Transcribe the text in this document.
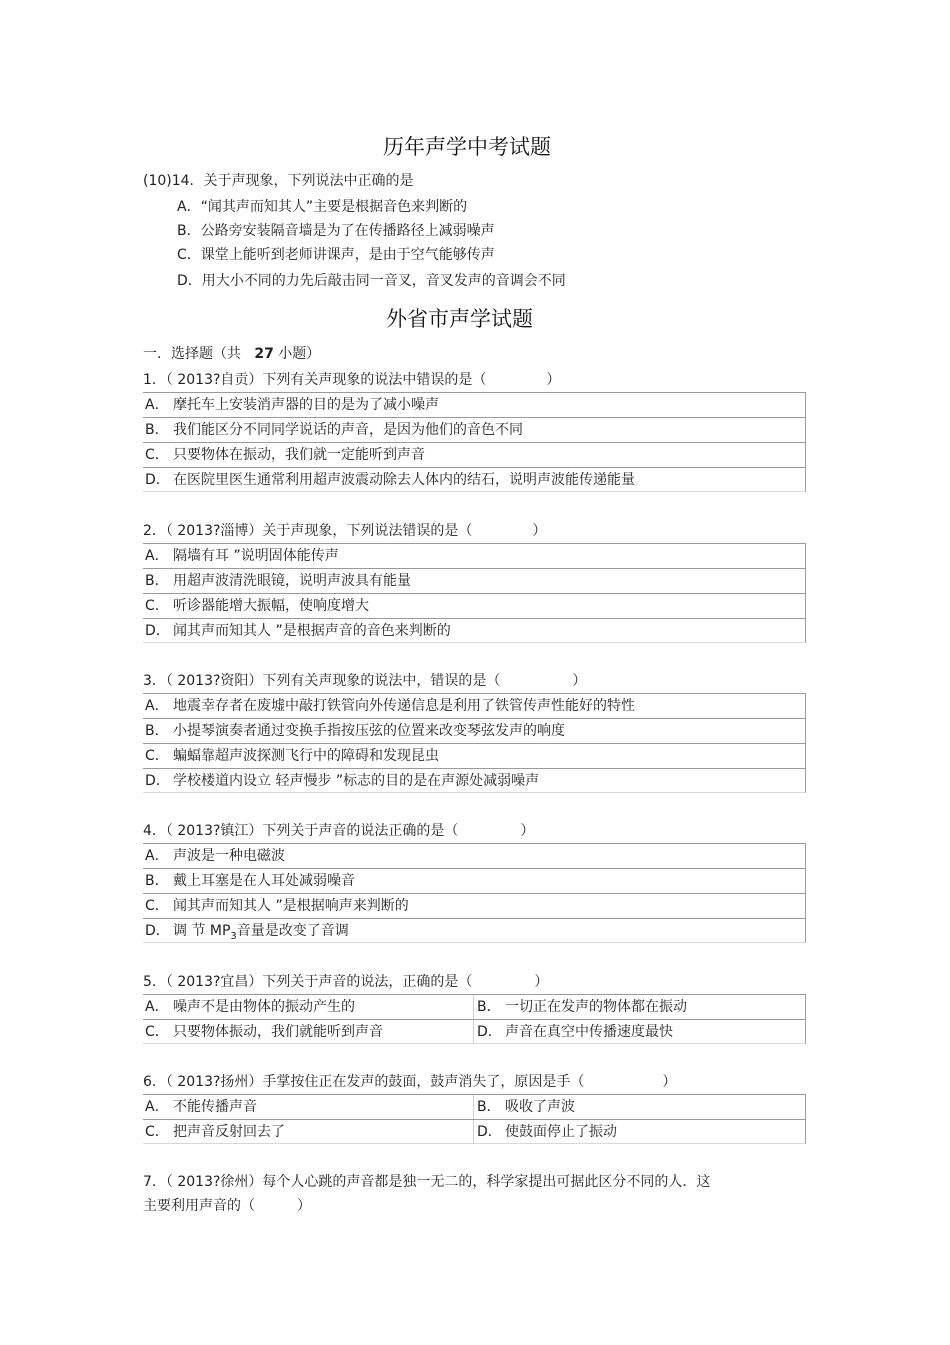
历年声学中考试题
(10)14．关于声现象，下列说法中正确的是
A．“闻其声而知其人”主要是根据音色来判断的
B．公路旁安装隔音墙是为了在传播路径上减弱噪声
C．课堂上能听到老师讲课声，是由于空气能够传声
D．用大小不同的力先后敲击同一音叉，音叉发声的音调会不同
外省市声学试题
一．选择题（共 27 小题）
1．（ 2013?自贡）下列有关声现象的说法中错误的是（	）
A． 摩托车上安装消声器的目的是为了减小噪声
B． 我们能区分不同同学说话的声音，是因为他们的音色不同
C． 只要物体在振动，我们就一定能听到声音
D． 在医院里医生通常利用超声波震动除去人体内的结石，说明声波能传递能量
2．（ 2013?淄博）关于声现象，下列说法错误的是（	）
A． 隔墙有耳 ”说明固体能传声
B． 用超声波清洗眼镜，说明声波具有能量
C． 听诊器能增大振幅，使响度增大
D． 闻其声而知其人 ”是根据声音的音色来判断的
3．（ 2013?资阳）下列有关声现象的说法中，错误的是（	）
A． 地震幸存者在废墟中敲打铁管向外传递信息是利用了铁管传声性能好的特性
B． 小提琴演奏者通过变换手指按压弦的位置来改变琴弦发声的响度
C． 蝙蝠靠超声波探测飞行中的障碍和发现昆虫
D． 学校楼道内设立 轻声慢步 ”标志的目的是在声源处减弱噪声
4．（ 2013?镇江）下列关于声音的说法正确的是（	）
A． 声波是一种电磁波
B． 戴上耳塞是在人耳处减弱噪音
C． 闻其声而知其人 ”是根据响声来判断的
D． 调 节 $MP_3$音量是改变了音调
5．（ 2013?宜昌）下列关于声音的说法，正确的是（	）
A． 噪声不是由物体的振动产生的	B． 一切正在发声的物体都在振动
C． 只要物体振动，我们就能听到声音	D． 声音在真空中传播速度最快
6．（ 2013?扬州）手掌按住正在发声的鼓面，鼓声消失了，原因是手（	）
A． 不能传播声音	B． 吸收了声波
C． 把声音反射回去了	D． 使鼓面停止了振动
7．（ 2013?徐州）每个人心跳的声音都是独一无二的，科学家提出可据此区分不同的人．这
主要利用声音的（	）
